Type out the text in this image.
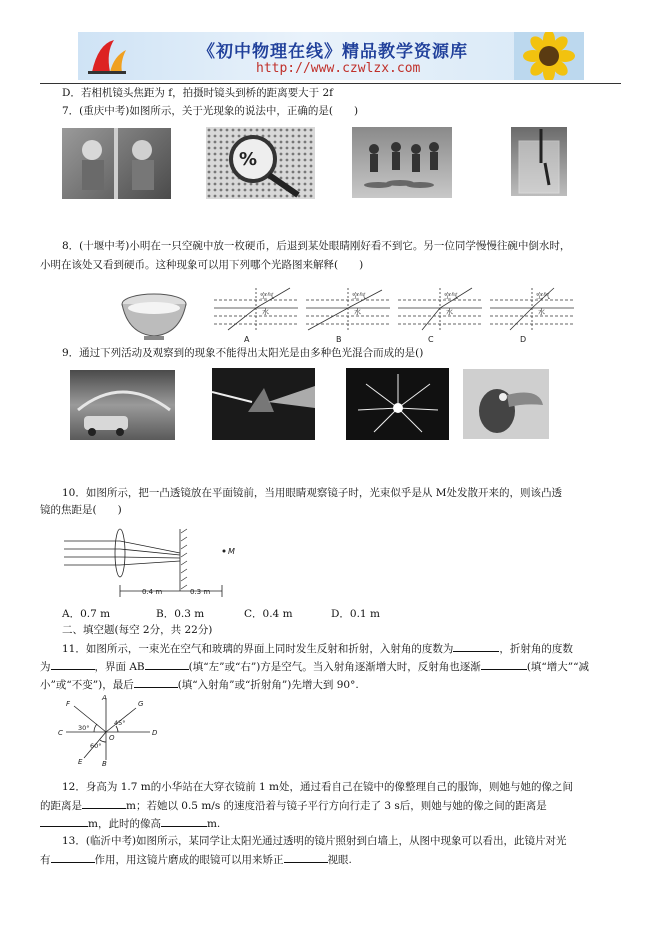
《初中物理在线》精品教学资源库
http://www.czwlzx.com
D．若相机镜头焦距为 f，拍摄时镜头到桥的距离要大于 2f
7．(重庆中考)如图所示，关于光现象的说法中，正确的是(　　)
%
8．(十堰中考)小明在一只空碗中放一枚硬币，后退到某处眼睛刚好看不到它。另一位同学慢慢往碗中倒水时，
小明在该处又看到硬币。这种现象可以用下列哪个光路图来解释(　　)
空气
水
空气
水
空气
水
空气
水
A	B	C	D
9．通过下列活动及观察到的现象不能得出太阳光是由多种色光混合而成的是()
10．如图所示，把一凸透镜放在平面镜前，当用眼睛观察镜子时，光束似乎是从 M处发散开来的，则该凸透
镜的焦距是(　　)
M
0.4 m	0.3 m
A．0.7 m	B．0.3 m	C．0.4 m	D．0.1 m
二、填空题(每空 2分，共 22分)
11．如图所示，一束光在空气和玻璃的界面上同时发生反射和折射，入射角的度数为	，折射角的度数
为	，界面 AB	(填“左”或“右”)方是空气。当入射角逐渐增大时，反射角也逐渐	(填“增大”“减
小”或“不变”)，最后	(填“入射角”或“折射角”)先增大到 90°.
A
B
C	D
E
F	G
O
30°
45°
60°
12．身高为 1.7 m的小华站在大穿衣镜前 1 m处，通过看自己在镜中的像整理自己的服饰，则她与她的像之间
的距离是	m；若她以 0.5 m/s 的速度沿着与镜子平行方向行走了 3 s后，则她与她的像之间的距离是
m，此时的像高	m.
13．(临沂中考)如图所示，某同学让太阳光通过透明的镜片照射到白墙上，从图中现象可以看出，此镜片对光
有	作用，用这镜片磨成的眼镜可以用来矫正	视眼.
